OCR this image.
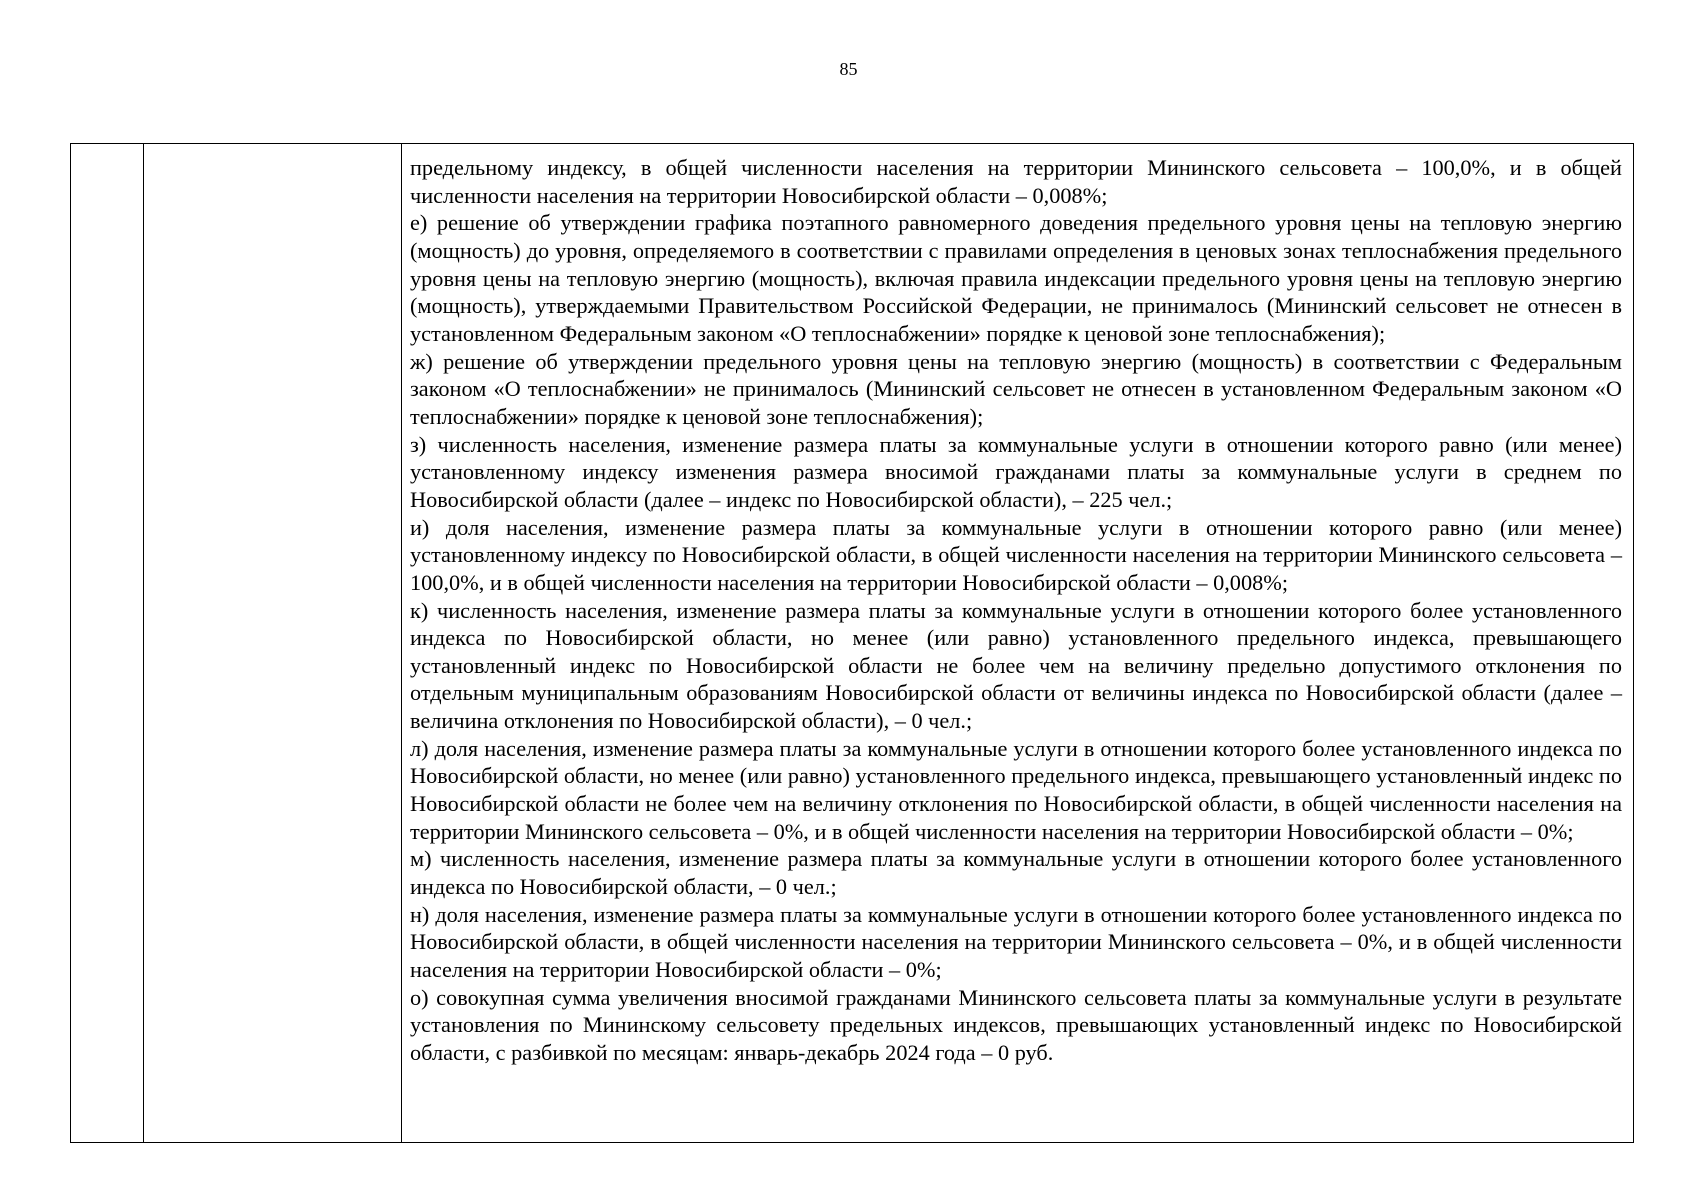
85

предельному индексу, в общей численности населения на территории Мининского сельсовета – 100,0%, и в общей численности населения на территории Новосибирской области – 0,008%;

е) решение об утверждении графика поэтапного равномерного доведения предельного уровня цены на тепловую энергию (мощность) до уровня, определяемого в соответствии с правилами определения в ценовых зонах теплоснабжения предельного уровня цены на тепловую энергию (мощность), включая правила индексации предельного уровня цены на тепловую энергию (мощность), утверждаемыми Правительством Российской Федерации, не принималось (Мининский сельсовет не отнесен в установленном Федеральным законом «О теплоснабжении» порядке к ценовой зоне теплоснабжения);

ж) решение об утверждении предельного уровня цены на тепловую энергию (мощность) в соответствии с Федеральным законом «О теплоснабжении» не принималось (Мининский сельсовет не отнесен в установленном Федеральным законом «О теплоснабжении» порядке к ценовой зоне теплоснабжения);

з) численность населения, изменение размера платы за коммунальные услуги в отношении которого равно (или менее) установленному индексу изменения размера вносимой гражданами платы за коммунальные услуги в среднем по Новосибирской области (далее – индекс по Новосибирской области), – 225 чел.;

и) доля населения, изменение размера платы за коммунальные услуги в отношении которого равно (или менее) установленному индексу по Новосибирской области, в общей численности населения на территории Мининского сельсовета – 100,0%, и в общей численности населения на территории Новосибирской области – 0,008%;

к) численность населения, изменение размера платы за коммунальные услуги в отношении которого более установленного индекса по Новосибирской области, но менее (или равно) установленного предельного индекса, превышающего установленный индекс по Новосибирской области не более чем на величину предельно допустимого отклонения по отдельным муниципальным образованиям Новосибирской области от величины индекса по Новосибирской области (далее – величина отклонения по Новосибирской области), – 0 чел.;

л) доля населения, изменение размера платы за коммунальные услуги в отношении которого более установленного индекса по Новосибирской области, но менее (или равно) установленного предельного индекса, превышающего установленный индекс по Новосибирской области не более чем на величину отклонения по Новосибирской области, в общей численности населения на территории Мининского сельсовета – 0%, и в общей численности населения на территории Новосибирской области – 0%;

м) численность населения, изменение размера платы за коммунальные услуги в отношении которого более установленного индекса по Новосибирской области, – 0 чел.;

н) доля населения, изменение размера платы за коммунальные услуги в отношении которого более установленного индекса по Новосибирской области, в общей численности населения на территории Мининского сельсовета – 0%, и в общей численности населения на территории Новосибирской области – 0%;

о) совокупная сумма увеличения вносимой гражданами Мининского сельсовета платы за коммунальные услуги в результате установления по Мининскому сельсовету предельных индексов, превышающих установленный индекс по Новосибирской области, с разбивкой по месяцам: январь-декабрь 2024 года – 0 руб.
